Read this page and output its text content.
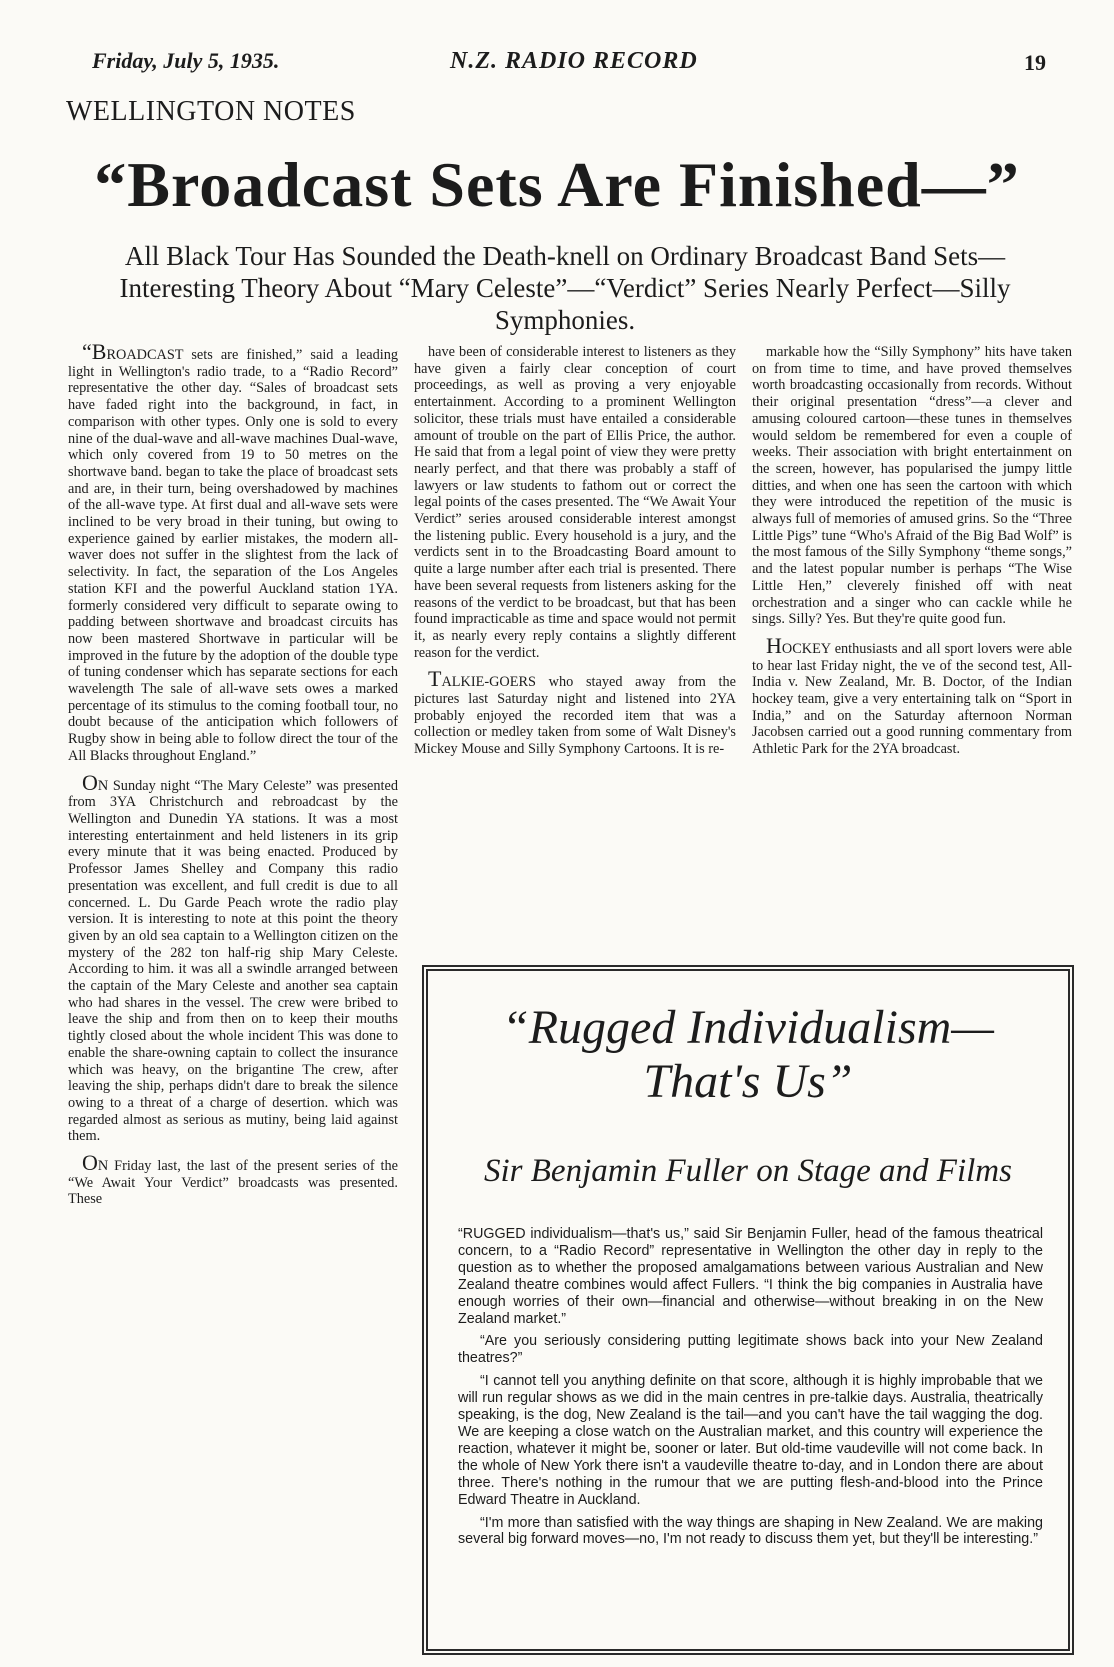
Friday, July 5, 1935.	N.Z. RADIO RECORD	19
WELLINGTON NOTES
“Broadcast Sets Are Finished—”
All Black Tour Has Sounded the Death-knell on Ordinary Broadcast Band Sets—Interesting Theory About “Mary Celeste”—“Verdict” Series Nearly Perfect—Silly Symphonies.

“BROADCAST sets are finished,” said a leading light in Wellington's radio trade, to a “Radio Record” representative the other day. “Sales of broadcast sets have faded right into the background, in fact, in comparison with other types. Only one is sold to every nine of the dual-wave and all-wave machines Dual-wave, which only covered from 19 to 50 metres on the shortwave band. began to take the place of broadcast sets and are, in their turn, being overshadowed by machines of the all-wave type. At first dual and all-wave sets were inclined to be very broad in their tuning, but owing to experience gained by earlier mistakes, the modern all-waver does not suffer in the slightest from the lack of selectivity. In fact, the separation of the Los Angeles station KFI and the powerful Auckland station 1YA. formerly considered very difficult to separate owing to padding between shortwave and broadcast circuits has now been mastered Shortwave in particular will be improved in the future by the adoption of the double type of tuning condenser which has separate sections for each wavelength The sale of all-wave sets owes a marked percentage of its stimulus to the coming football tour, no doubt because of the anticipation which followers of Rugby show in being able to follow direct the tour of the All Blacks throughout England.”

ON Sunday night “The Mary Celeste” was presented from 3YA Christchurch and rebroadcast by the Wellington and Dunedin YA stations. It was a most interesting entertainment and held listeners in its grip every minute that it was being enacted. Produced by Professor James Shelley and Company this radio presentation was excellent, and full credit is due to all concerned. L. Du Garde Peach wrote the radio play version. It is interesting to note at this point the theory given by an old sea captain to a Wellington citizen on the mystery of the 282 ton half-rig ship Mary Celeste. According to him. it was all a swindle arranged between the captain of the Mary Celeste and another sea captain who had shares in the vessel. The crew were bribed to leave the ship and from then on to keep their mouths tightly closed about the whole incident This was done to enable the share-owning captain to collect the insurance which was heavy, on the brigantine The crew, after leaving the ship, perhaps didn't dare to break the silence owing to a threat of a charge of desertion. which was regarded almost as serious as mutiny, being laid against them.

ON Friday last, the last of the present series of the “We Await Your Verdict” broadcasts was presented. These

have been of considerable interest to listeners as they have given a fairly clear conception of court proceedings, as well as proving a very enjoyable entertainment. According to a prominent Wellington solicitor, these trials must have entailed a considerable amount of trouble on the part of Ellis Price, the author. He said that from a legal point of view they were pretty nearly perfect, and that there was probably a staff of lawyers or law students to fathom out or correct the legal points of the cases presented. The “We Await Your Verdict” series aroused considerable interest amongst the listening public. Every household is a jury, and the verdicts sent in to the Broadcasting Board amount to quite a large number after each trial is presented. There have been several requests from listeners asking for the reasons of the verdict to be broadcast, but that has been found impracticable as time and space would not permit it, as nearly every reply contains a slightly different reason for the verdict.

TALKIE-GOERS who stayed away from the pictures last Saturday night and listened into 2YA probably enjoyed the recorded item that was a collection or medley taken from some of Walt Disney's Mickey Mouse and Silly Symphony Cartoons. It is re-

markable how the “Silly Symphony” hits have taken on from time to time, and have proved themselves worth broadcasting occasionally from records. Without their original presentation “dress”—a clever and amusing coloured cartoon—these tunes in themselves would seldom be remembered for even a couple of weeks. Their association with bright entertainment on the screen, however, has popularised the jumpy little ditties, and when one has seen the cartoon with which they were introduced the repetition of the music is always full of memories of amused grins. So the “Three Little Pigs” tune “Who's Afraid of the Big Bad Wolf” is the most famous of the Silly Symphony “theme songs,” and the latest popular number is perhaps “The Wise Little Hen,” cleverely finished off with neat orchestration and a singer who can cackle while he sings. Silly? Yes. But they're quite good fun.

HOCKEY enthusiasts and all sport lovers were able to hear last Friday night, the ve of the second test, All-India v. New Zealand, Mr. B. Doctor, of the Indian hockey team, give a very entertaining talk on “Sport in India,” and on the Saturday afternoon Norman Jacobsen carried out a good running commentary from Athletic Park for the 2YA broadcast.

“Rugged Individualism— That's Us”
Sir Benjamin Fuller on Stage and Films

“RUGGED individualism—that's us,” said Sir Benjamin Fuller, head of the famous theatrical concern, to a “Radio Record” representative in Wellington the other day in reply to the question as to whether the proposed amalgamations between various Australian and New Zealand theatre combines would affect Fullers. “I think the big companies in Australia have enough worries of their own—financial and otherwise—without breaking in on the New Zealand market.”

“Are you seriously considering putting legitimate shows back into your New Zealand theatres?”

“I cannot tell you anything definite on that score, although it is highly improbable that we will run regular shows as we did in the main centres in pre-talkie days. Australia, theatrically speaking, is the dog, New Zealand is the tail—and you can't have the tail wagging the dog. We are keeping a close watch on the Australian market, and this country will experience the reaction, whatever it might be, sooner or later. But old-time vaudeville will not come back. In the whole of New York there isn't a vaudeville theatre to-day, and in London there are about three. There's nothing in the rumour that we are putting flesh-and-blood into the Prince Edward Theatre in Auckland.

“I'm more than satisfied with the way things are shaping in New Zealand. We are making several big forward moves—no, I'm not ready to discuss them yet, but they'll be interesting.”
